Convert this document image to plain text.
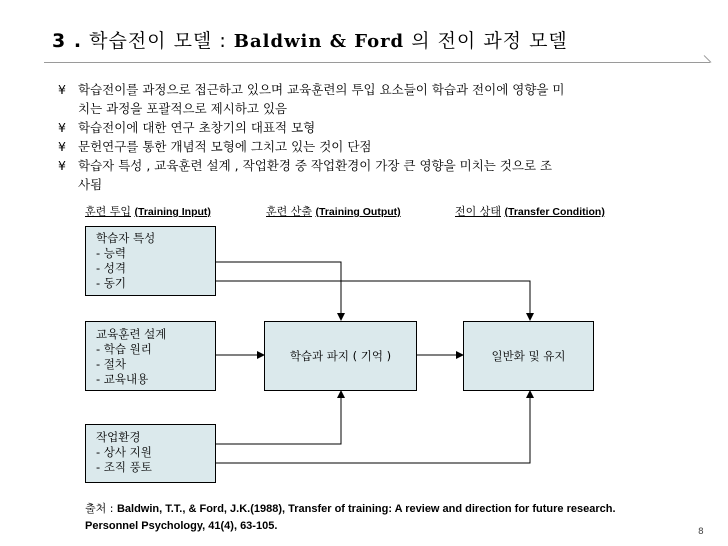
3 . 학습전이 모델 : Baldwin & Ford 의 전이 과정 모델
¥ 학습전이를 과정으로 접근하고 있으며 교육훈련의 투입 요소들이 학습과 전이에 영향을 미
치는 과정을 포괄적으로 제시하고 있음
¥ 학습전이에 대한 연구 초창기의 대표적 모형
¥ 문헌연구를 통한 개념적 모형에 그치고 있는 것이 단점
¥ 학습자 특성 , 교육훈련 설계 , 작업환경 중 작업환경이 가장 큰 영향을 미치는 것으로 조
사됨
훈련 투입 (Training Input)	훈련 산출 (Training Output)	전이 상태 (Transfer Condition)
학습자 특성
- 능력
- 성격
- 동기
교육훈련 설계
- 학습 원리
- 절차
- 교육내용
작업환경
- 상사 지원
- 조직 풍토
학습과 파지 ( 기억 )	일반화 및 유지
출처 : Baldwin, T.T., & Ford, J.K.(1988), Transfer of training: A review and direction for future research.
Personnel Psychology, 41(4), 63-105.	8
